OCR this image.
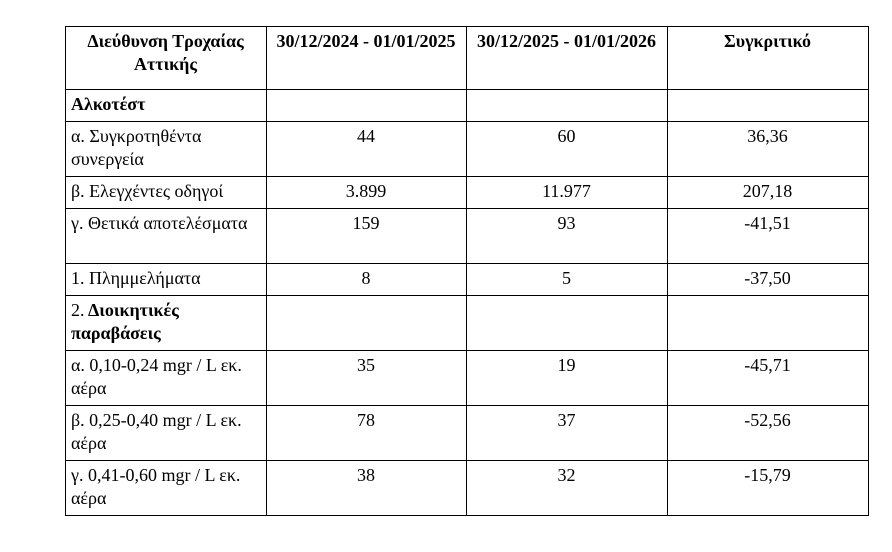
Διεύθυνση Τροχαίας Αττικής	30/12/2024 - 01/01/2025	30/12/2025 - 01/01/2026	Συγκριτικό
Αλκοτέστ			
α. Συγκροτηθέντα συνεργεία	44	60	36,36
β. Ελεγχέντες οδηγοί	3.899	11.977	207,18
γ. Θετικά αποτελέσματα	159	93	-41,51
1. Πλημμελήματα	8	5	-37,50
2. Διοικητικές παραβάσεις			
α. 0,10-0,24 mgr / L εκ. αέρα	35	19	-45,71
β. 0,25-0,40 mgr / L εκ. αέρα	78	37	-52,56
γ. 0,41-0,60 mgr / L εκ. αέρα	38	32	-15,79
